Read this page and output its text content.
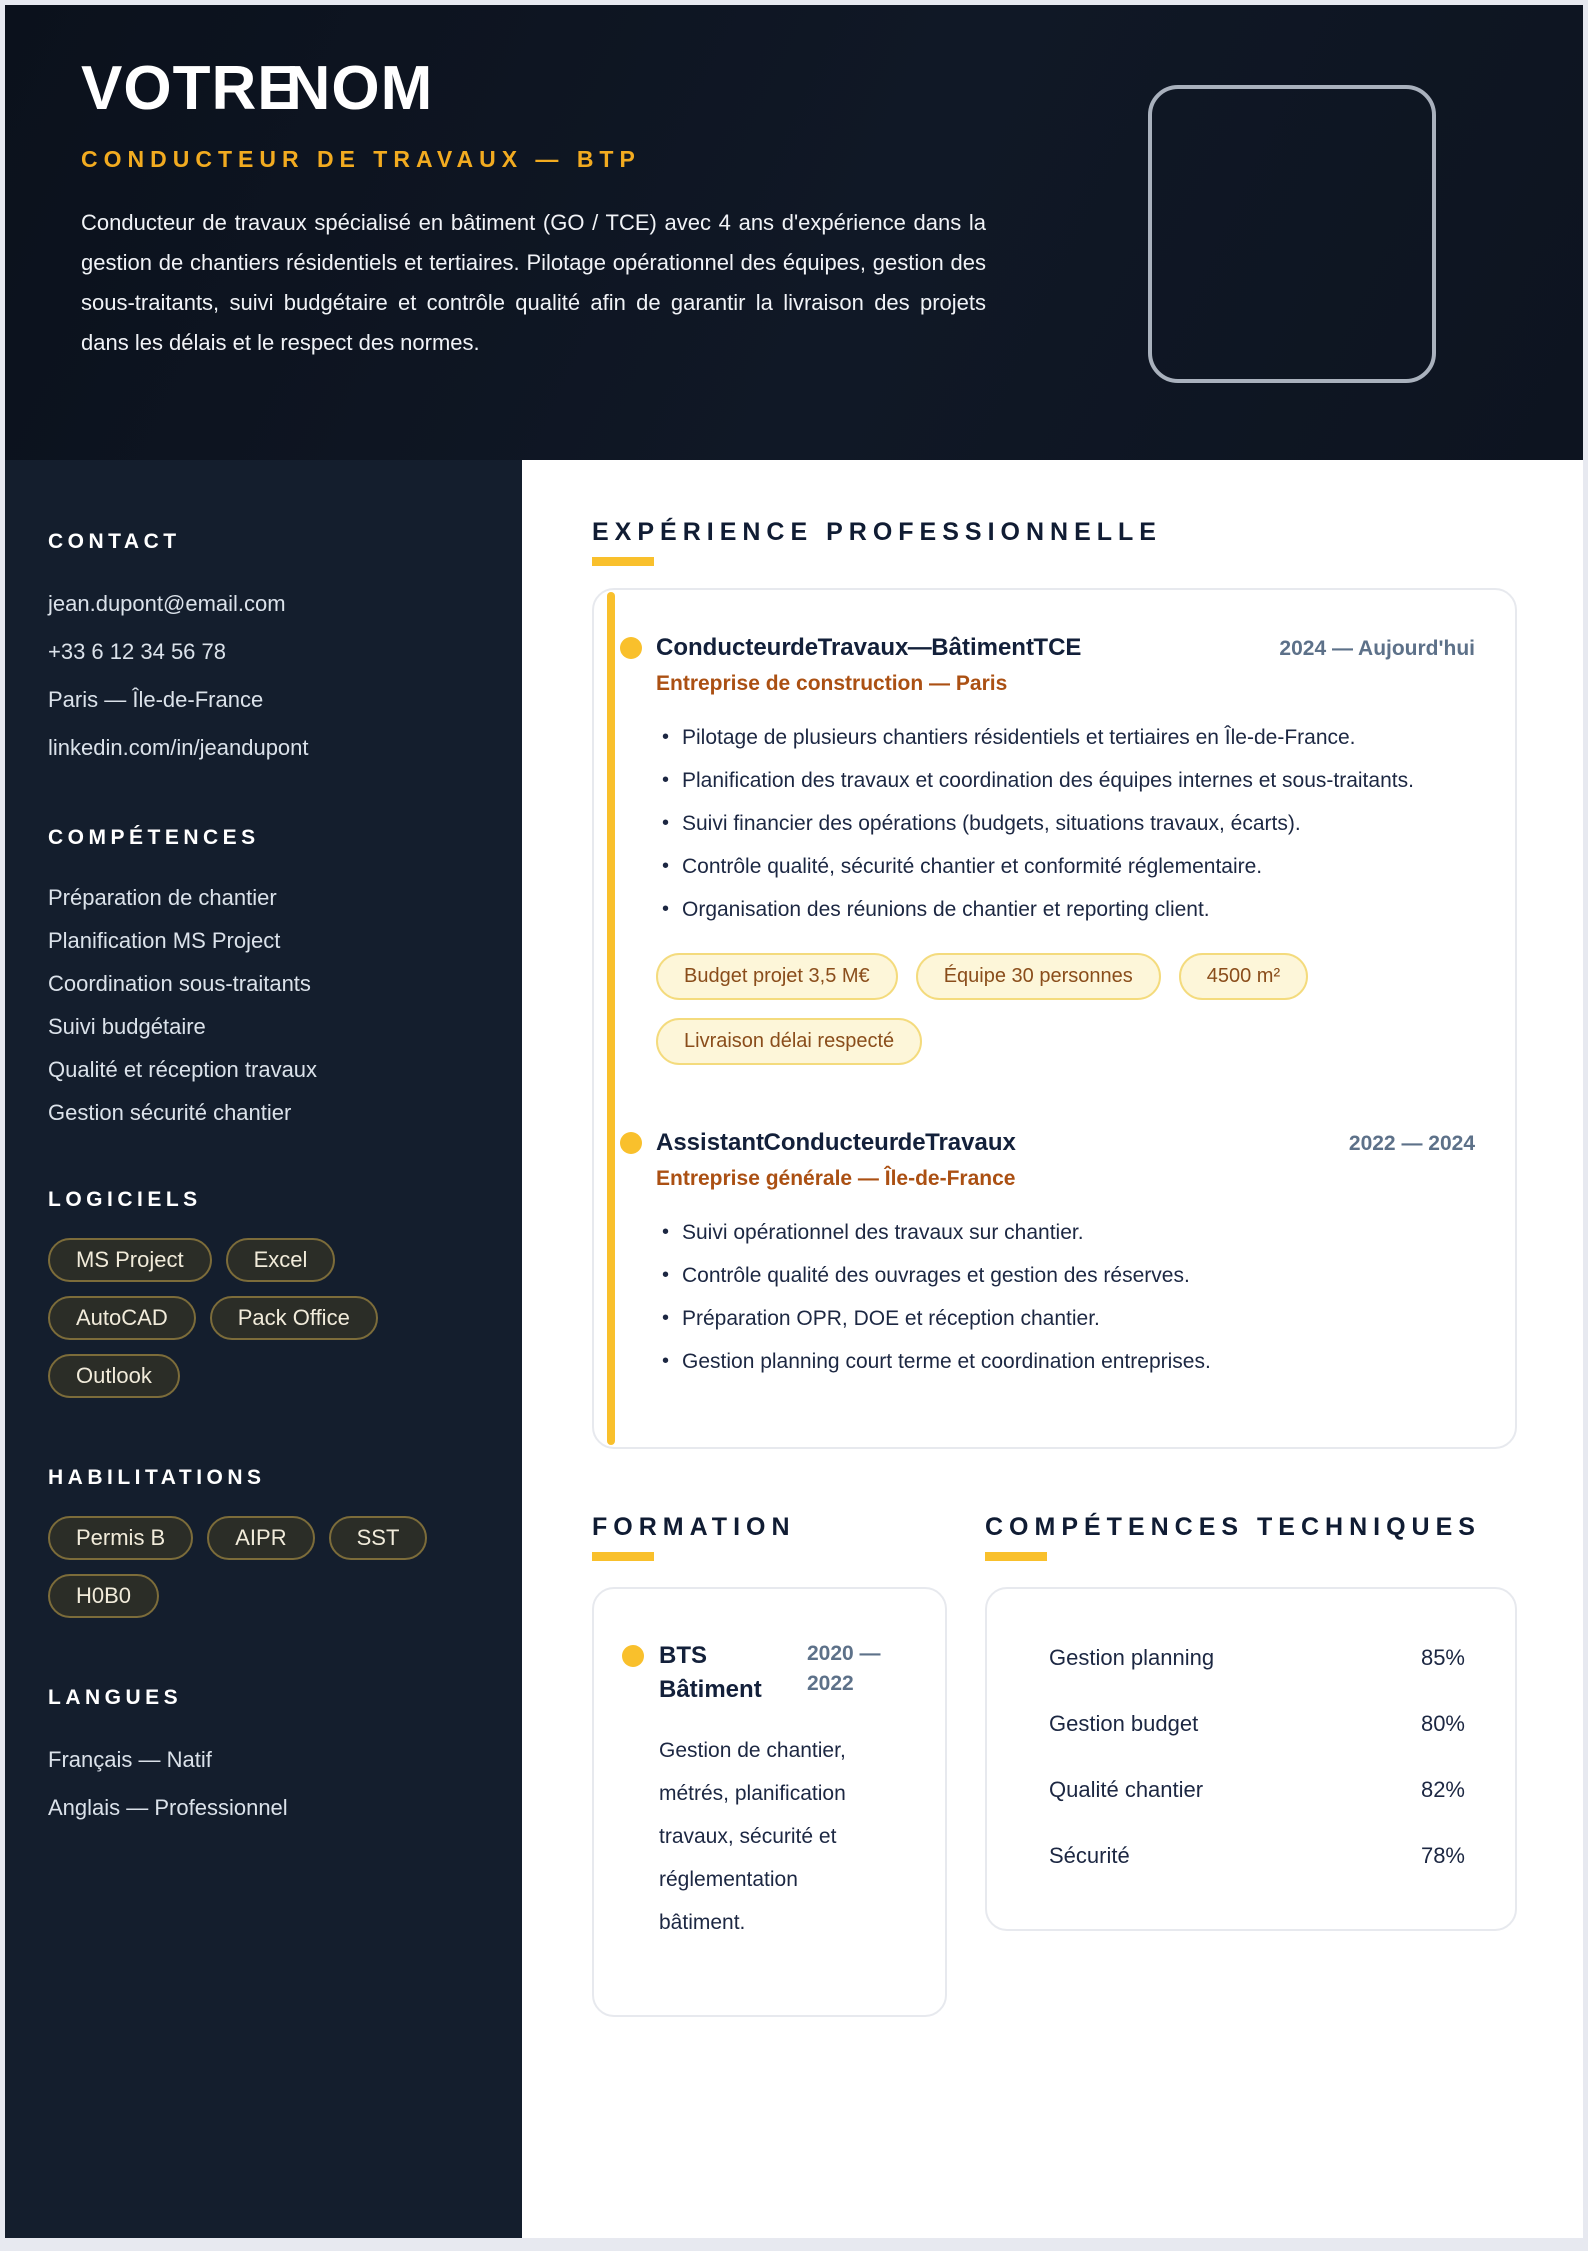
VOTRE NOM
CONDUCTEUR DE TRAVAUX — BTP

Conducteur de travaux spécialisé en bâtiment (GO / TCE) avec 4 ans d'expérience dans la gestion de chantiers résidentiels et tertiaires. Pilotage opérationnel des équipes, gestion des sous-traitants, suivi budgétaire et contrôle qualité afin de garantir la livraison des projets dans les délais et le respect des normes.

CONTACT
jean.dupont@email.com
+33 6 12 34 56 78
Paris — Île-de-France
linkedin.com/in/jeandupont
COMPÉTENCES
Préparation de chantier
Planification MS Project
Coordination sous-traitants
Suivi budgétaire
Qualité et réception travaux
Gestion sécurité chantier
LOGICIELS
MS Project	Excel
AutoCAD	Pack Office
Outlook
HABILITATIONS
Permis B	AIPR	SST
H0B0
LANGUES
Français — Natif
Anglais — Professionnel
EXPÉRIENCE PROFESSIONNELLE
Conducteur de Travaux — Bâtiment TCE	2024 — Aujourd'hui
Entreprise de construction — Paris
• Pilotage de plusieurs chantiers résidentiels et tertiaires en Île-de-France.
• Planification des travaux et coordination des équipes internes et sous-traitants.
• Suivi financier des opérations (budgets, situations travaux, écarts).
• Contrôle qualité, sécurité chantier et conformité réglementaire.
• Organisation des réunions de chantier et reporting client.
Budget projet 3,5 M€	Équipe 30 personnes	4500 m²
Livraison délai respecté
Assistant Conducteur de Travaux	2022 — 2024
Entreprise générale — Île-de-France
• Suivi opérationnel des travaux sur chantier.
• Contrôle qualité des ouvrages et gestion des réserves.
• Préparation OPR, DOE et réception chantier.
• Gestion planning court terme et coordination entreprises.
FORMATION
BTS Bâtiment
2020 — 2022

Gestion de chantier, métrés, planification travaux, sécurité et réglementation bâtiment.

COMPÉTENCES TECHNIQUES
Gestion planning	85%
Gestion budget	80%
Qualité chantier	82%
Sécurité	78%
